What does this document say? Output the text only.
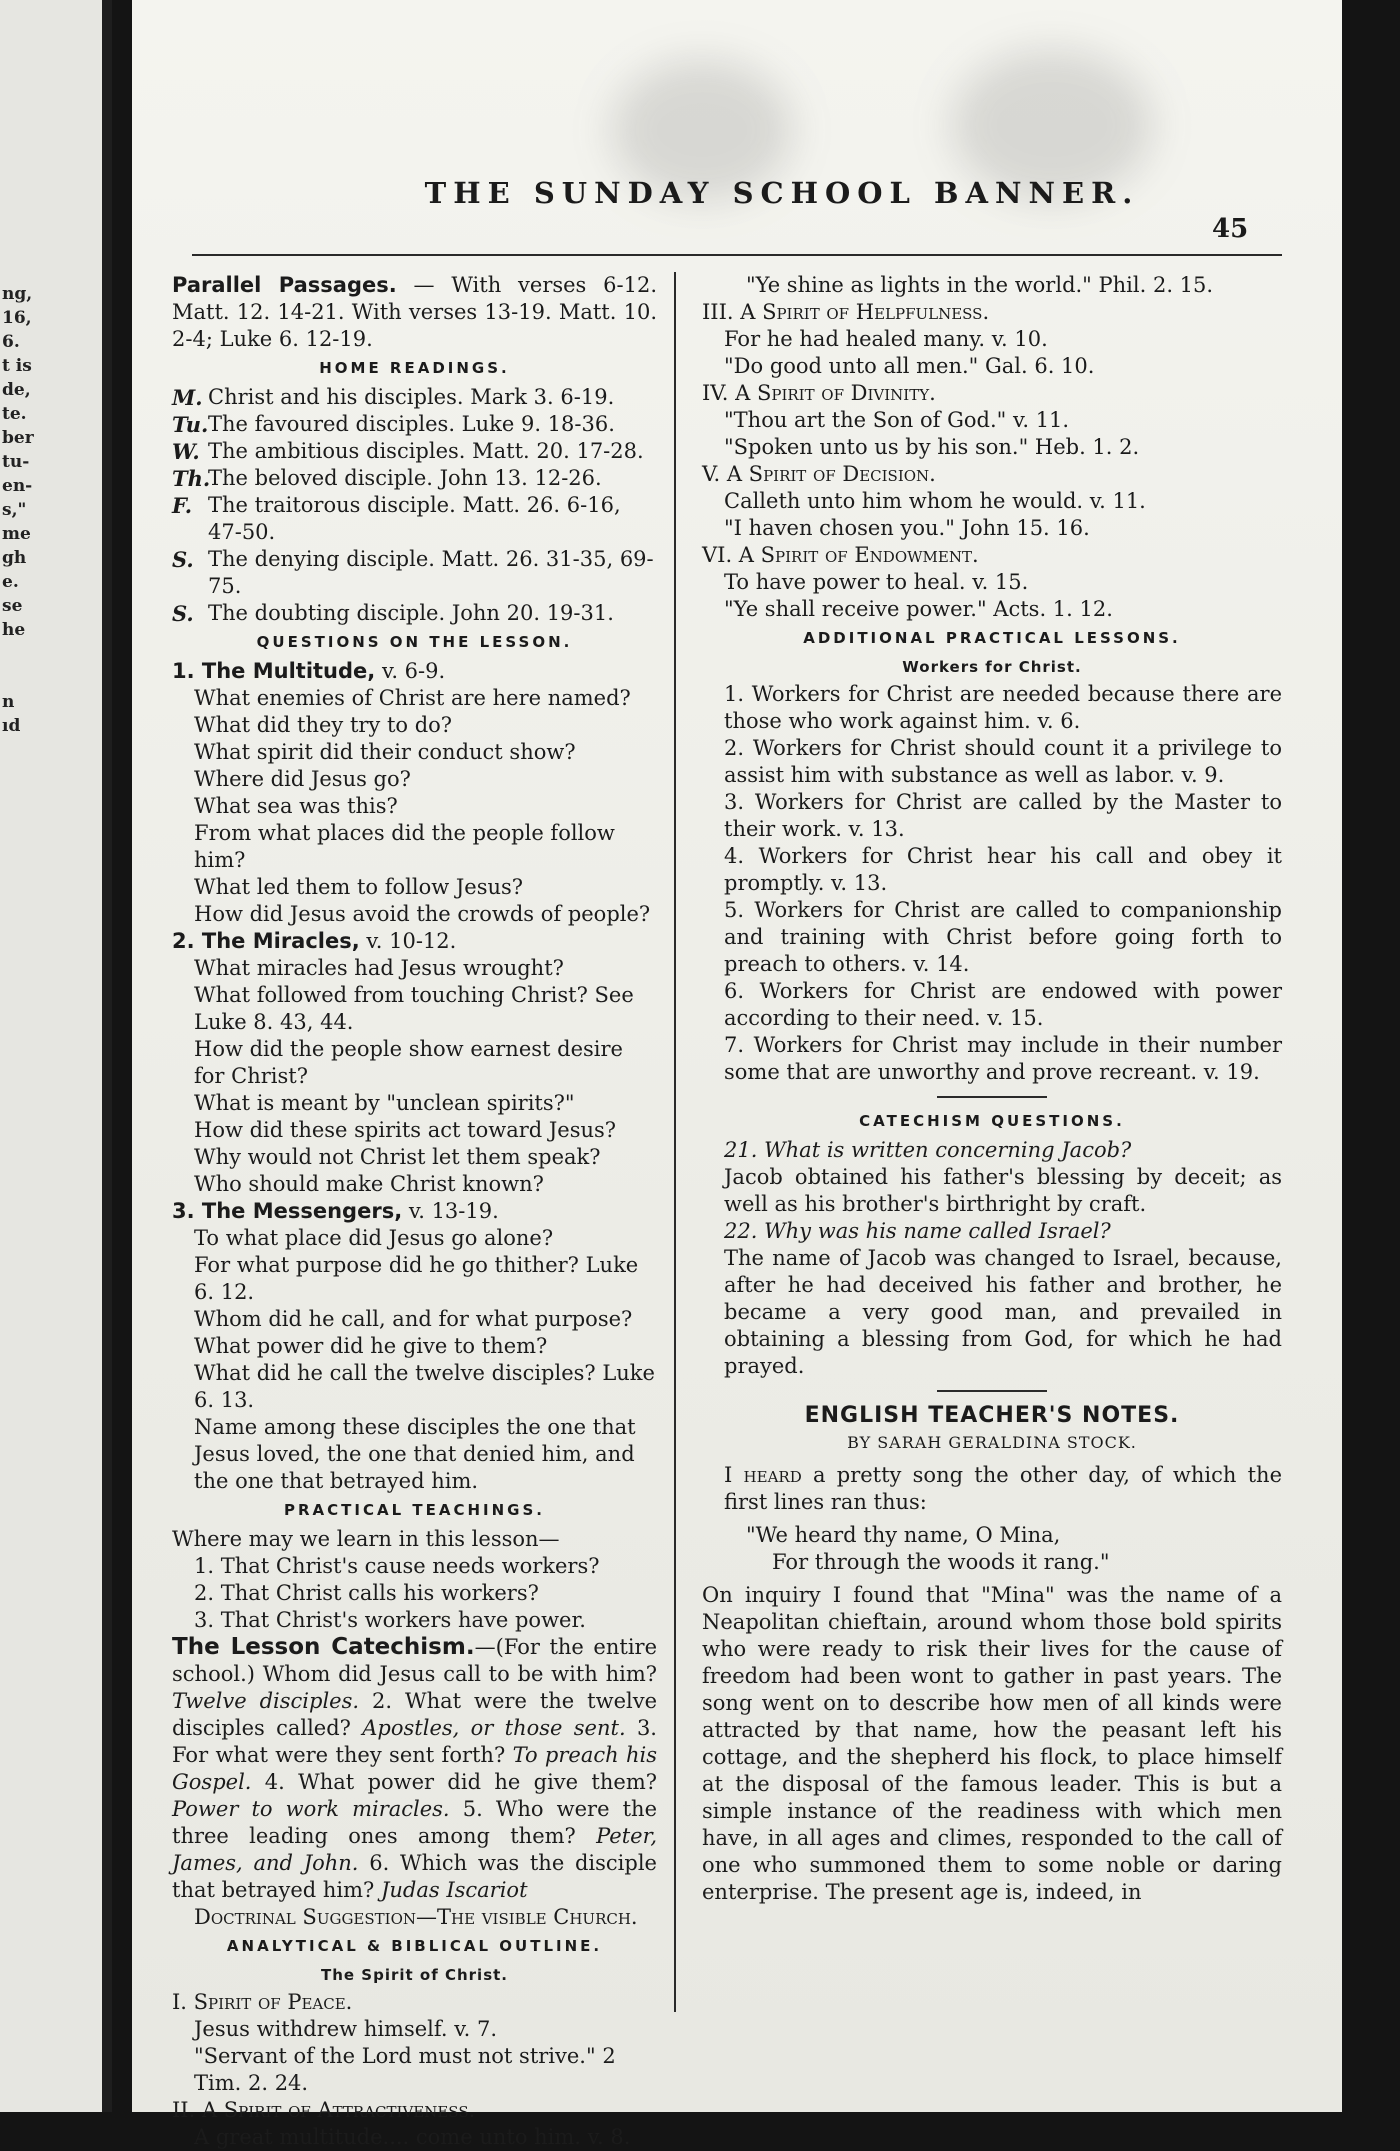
ng,
16,
6.
t is
de,
te.
ber
tu-
en-
s,"
me
gh
e.
se
he
n
ıd
THE SUNDAY SCHOOL BANNER.
45

Parallel Passages. — With verses 6-12. Matt. 12. 14-21. With verses 13-19. Matt. 10. 2-4; Luke 6. 12-19.

HOME READINGS.

M. Christ and his disciples. Mark 3. 6-19.
Tu. The favoured disciples. Luke 9. 18-36.
W. The ambitious disciples. Matt. 20. 17-28.
Th.
The beloved disciple. John 13. 12-26.
F. The traitorous disciple. Matt. 26. 6-16, 47-50.
S. The denying disciple. Matt. 26. 31-35, 69-75.
S. The doubting disciple. John 20. 19-31.

QUESTIONS ON THE LESSON.

1. The Multitude, v. 6-9.

What enemies of Christ are here named?

What did they try to do?

What spirit did their conduct show?

Where did Jesus go?

What sea was this?

From what places did the people follow him?

What led them to follow Jesus?

How did Jesus avoid the crowds of people?

2. The Miracles, v. 10-12.

What miracles had Jesus wrought?

What followed from touching Christ? See Luke 8. 43, 44.

How did the people show earnest desire for Christ?

What is meant by "unclean spirits?"

How did these spirits act toward Jesus?

Why would not Christ let them speak?

Who should make Christ known?

3. The Messengers, v. 13-19.

To what place did Jesus go alone?

For what purpose did he go thither? Luke 6. 12.

Whom did he call, and for what purpose?

What power did he give to them?

What did he call the twelve disciples? Luke 6. 13.

Name among these disciples the one that Jesus loved, the one that denied him, and the one that betrayed him.

PRACTICAL TEACHINGS.

Where may we learn in this lesson—

1. That Christ's cause needs workers?

2. That Christ calls his workers?

3. That Christ's workers have power.

The Lesson Catechism.—(For the entire school.) Whom did Jesus call to be with him? Twelve disciples. 2. What were the twelve disciples called? Apostles, or those sent. 3. For what were they sent forth? To preach his Gospel. 4. What power did he give them? Power to work miracles. 5. Who were the three leading ones among them? Peter, James, and John. 6. Which was the disciple that betrayed him? Judas Iscariot

Doctrinal Suggestion—The visible Church.

ANALYTICAL & BIBLICAL OUTLINE.

The Spirit of Christ.

I. Spirit of Peace.

Jesus withdrew himself. v. 7.

"Servant of the Lord must not strive." 2 Tim. 2. 24.

II. A Spirit of Attractiveness.

A great multitude.... come unto him. v. 8.

"Ye shine as lights in the world." Phil. 2. 15.

III. A Spirit of Helpfulness.

For he had healed many. v. 10.

"Do good unto all men." Gal. 6. 10.

IV. A Spirit of Divinity.

"Thou art the Son of God." v. 11.

"Spoken unto us by his son." Heb. 1. 2.

V. A Spirit of Decision.

Calleth unto him whom he would. v. 11.

"I haven chosen you." John 15. 16.

VI. A Spirit of Endowment.

To have power to heal. v. 15.

"Ye shall receive power." Acts. 1. 12.

ADDITIONAL PRACTICAL LESSONS.

Workers for Christ.

1. Workers for Christ are needed because there are those who work against him. v. 6.

2. Workers for Christ should count it a privilege to assist him with substance as well as labor. v. 9.

3. Workers for Christ are called by the Master to their work. v. 13.

4. Workers for Christ hear his call and obey it promptly. v. 13.

5. Workers for Christ are called to companionship and training with Christ before going forth to preach to others. v. 14.

6. Workers for Christ are endowed with power according to their need. v. 15.

7. Workers for Christ may include in their number some that are unworthy and prove recreant. v. 19.

CATECHISM QUESTIONS.

21. What is written concerning Jacob?

Jacob obtained his father's blessing by deceit; as well as his brother's birthright by craft.

22. Why was his name called Israel?

The name of Jacob was changed to Israel, because, after he had deceived his father and brother, he became a very good man, and prevailed in obtaining a blessing from God, for which he had prayed.

ENGLISH TEACHER'S NOTES.

BY SARAH GERALDINA STOCK.

I heard a pretty song the other day, of which the first lines ran thus:

"We heard thy name, O Mina,

For through the woods it rang."

On inquiry I found that "Mina" was the name of a Neapolitan chieftain, around whom those bold spirits who were ready to risk their lives for the cause of freedom had been wont to gather in past years. The song went on to describe how men of all kinds were attracted by that name, how the peasant left his cottage, and the shepherd his flock, to place himself at the disposal of the famous leader. This is but a simple instance of the readiness with which men have, in all ages and climes, responded to the call of one who summoned them to some noble or daring enterprise. The present age is, indeed, in
